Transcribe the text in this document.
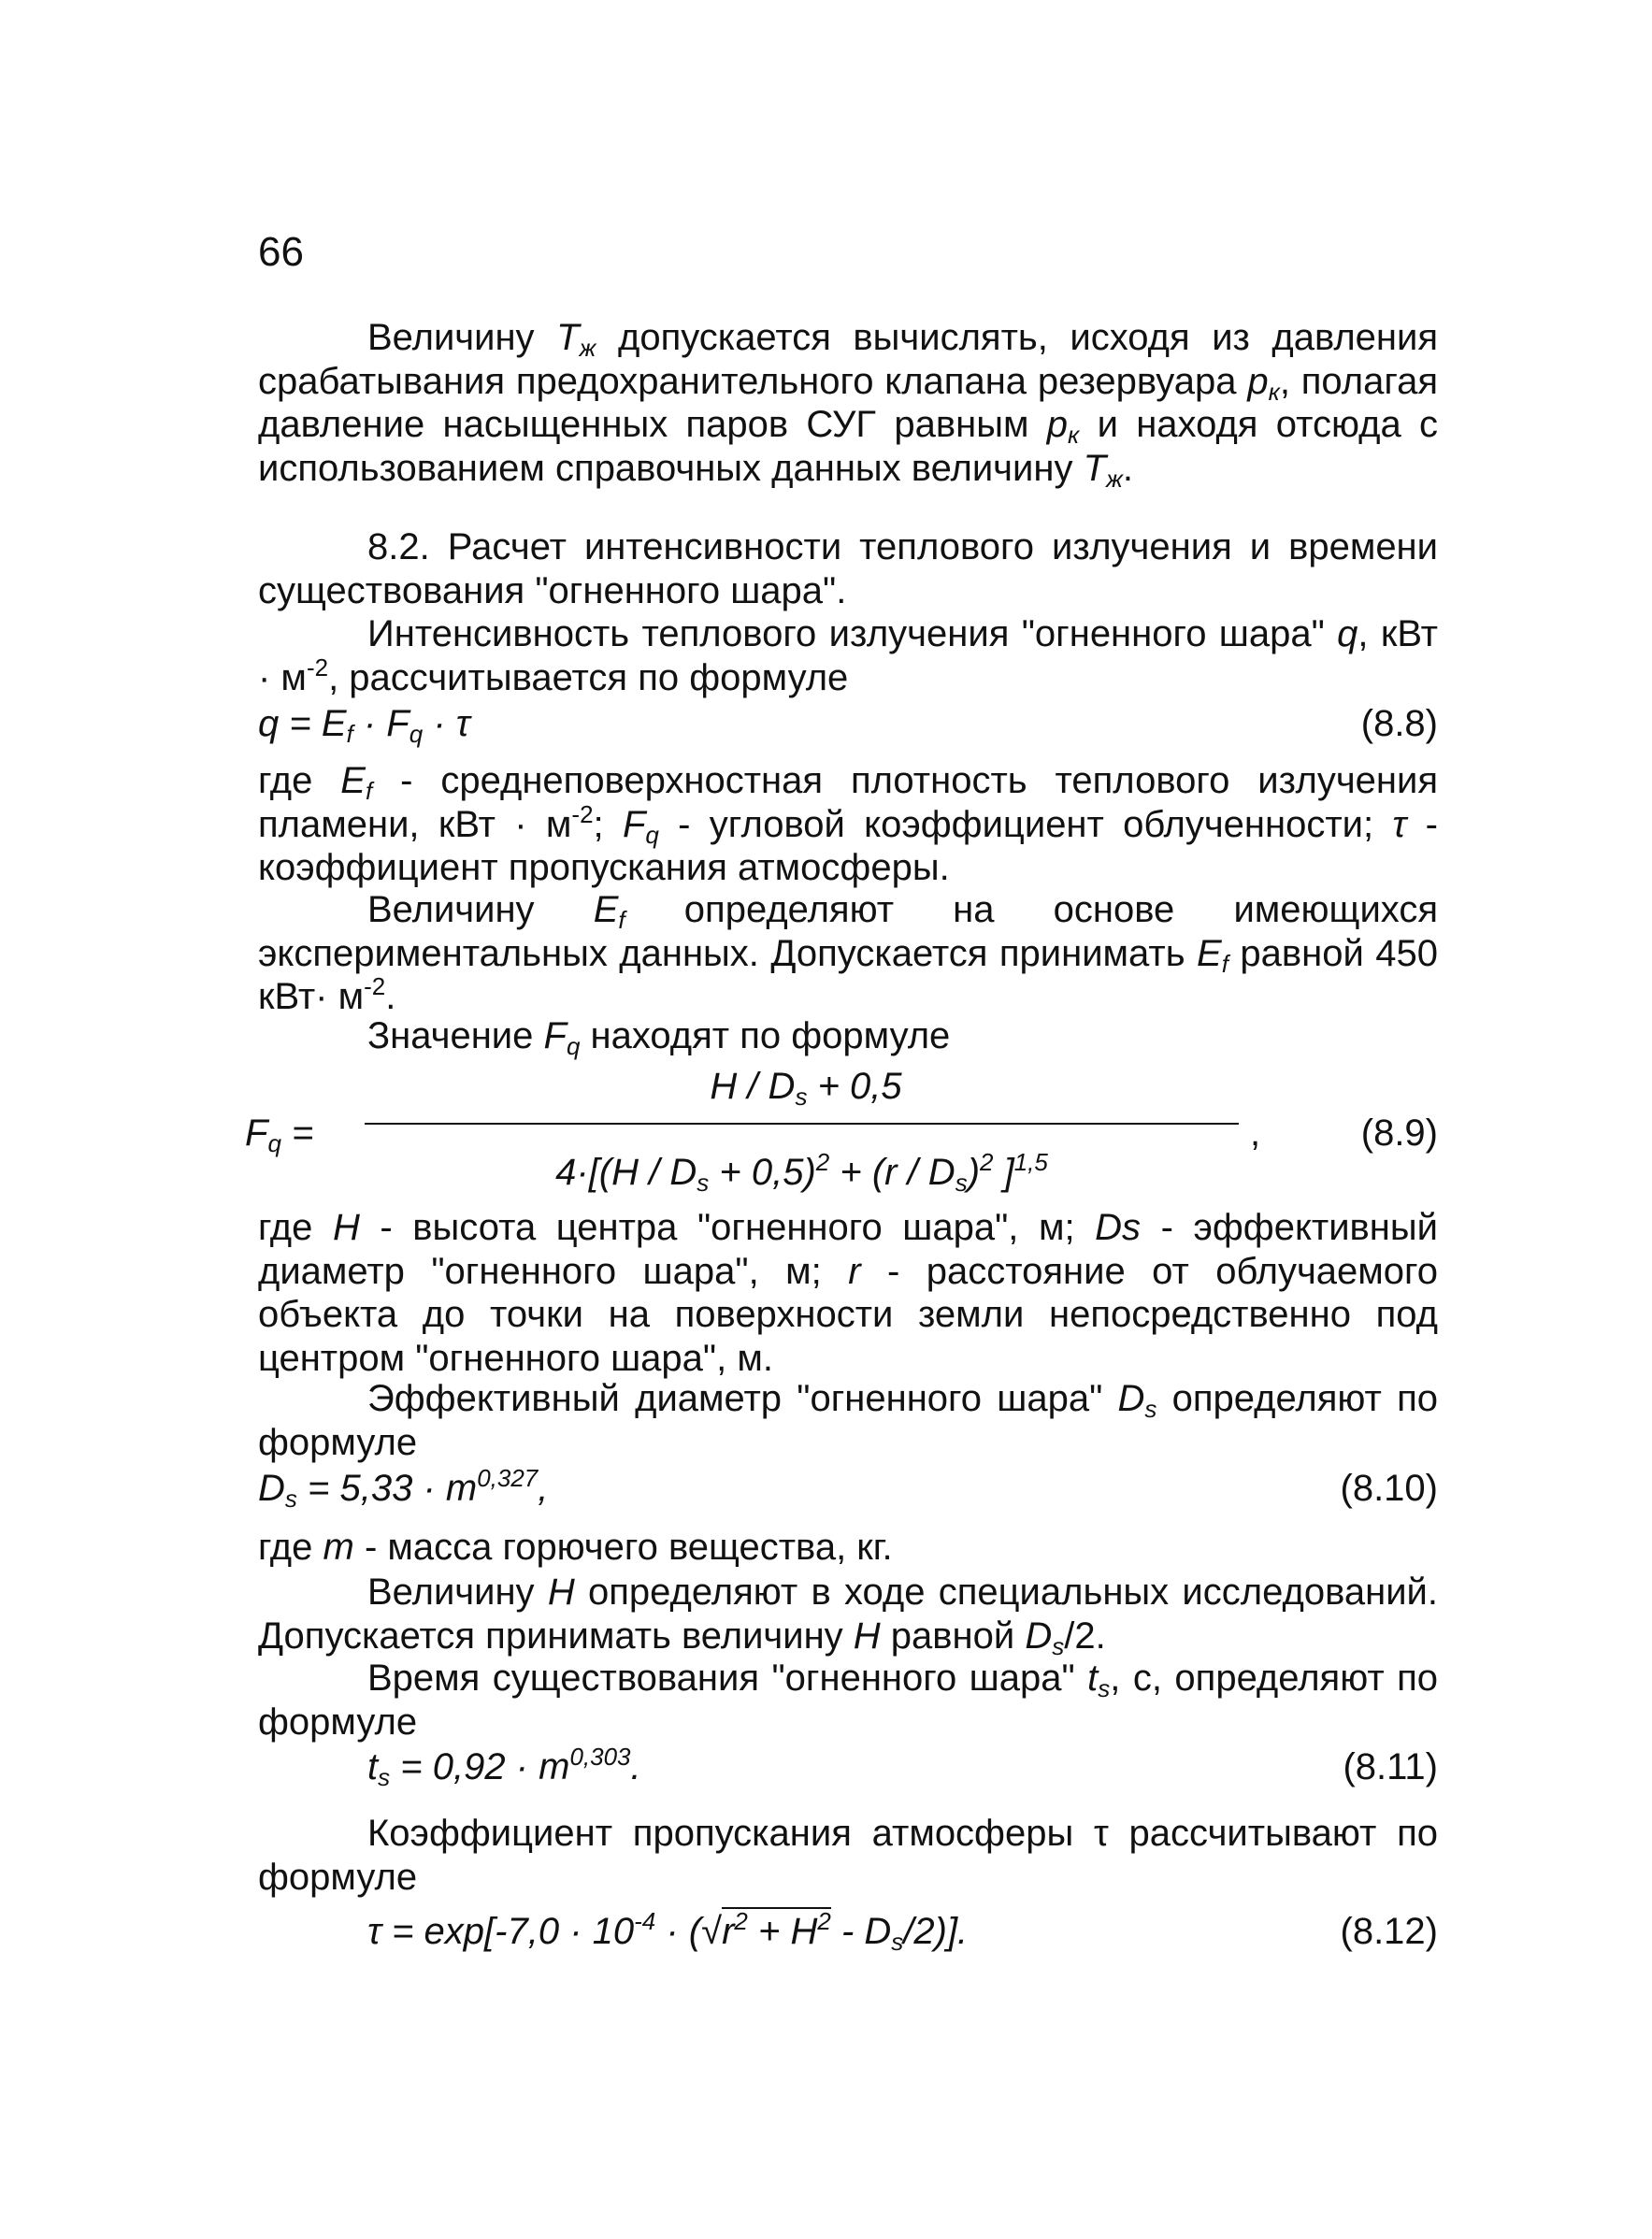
66

Величину $T_ж$ допускается вычислять, исходя из давления срабатывания предохранительного клапана резервуара $p_к$, полагая давление насыщенных паров СУГ равным $p_к$ и находя отсюда с использованием справочных данных величину $T_ж$.

8.2. Расчет интенсивности теплового излучения и времени существования "огненного шара".

Интенсивность теплового излучения "огненного шара" q, кВт · $м^{-2}$, рассчитывается по формуле

$q = E_f \cdot F_q \cdot \tau$	(8.8)

где $E_f$ - среднеповерхностная плотность теплового излучения пламени, кВт · $м^{-2}$; $F_q$ - угловой коэффициент облученности; τ - коэффициент пропускания атмосферы.

Величину $E_f$ определяют на основе имеющихся экспериментальных данных. Допускается принимать $E_f$ равной 450 $кВт\cdot м^{-2}$.

Значение $F_q$ находят по формуле

$F_q$ =
$H / D_s + 0,5$
$4\cdot[(H / D_s + 0,5)^2 + (r / D_s)^2$ ]$^{1,5}$
,	(8.9)

где H - высота центра "огненного шара", м; Ds - эффективный диаметр "огненного шара", м; r - расстояние от облучаемого объекта до точки на поверхности земли непосредственно под центром "огненного шара", м.

Эффективный диаметр "огненного шара" $D_s$ определяют по формуле

$D_s = 5,33 \cdot m^{0,327}$,	(8.10)

где m - масса горючего вещества, кг.

Величину H определяют в ходе специальных исследований. Допускается принимать величину H равной $D_s/2$.

Время существования "огненного шара" $t_s$, с, определяют по формуле

$t_s = 0,92 \cdot m^{0,303}$.	(8.11)

Коэффициент пропускания атмосферы τ рассчитывают по формуле

$\tau = \exp[-7,0 \cdot 10^{-4} \cdot (√r^2 + H^2 - D_s/2)]$.	(8.12)
